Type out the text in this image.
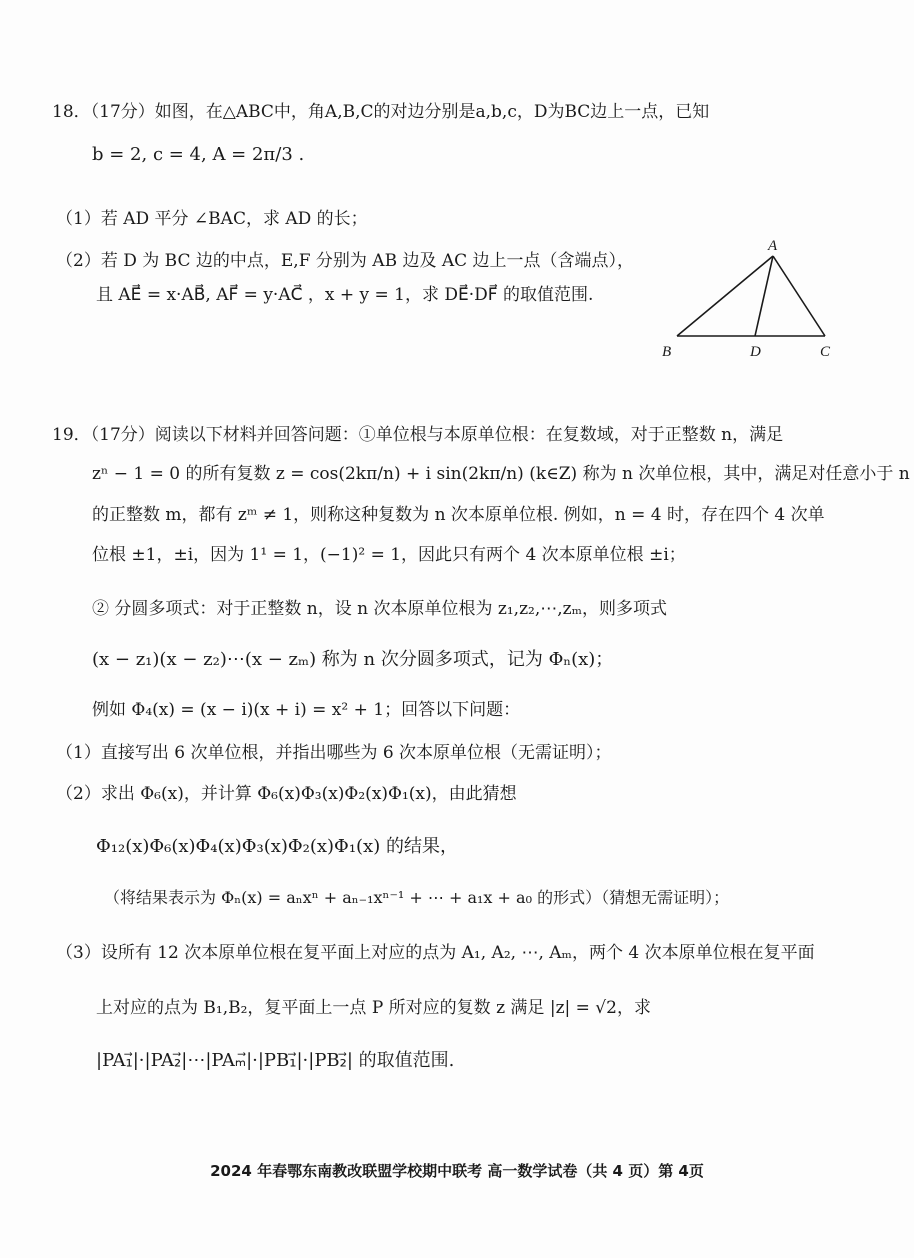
18．（17分）如图，在△ABC中，角A,B,C的对边分别是a,b,c，D为BC边上一点，已知
b = 2, c = 4, A = 2π/3 .
（1）若 AD 平分 ∠BAC，求 AD 的长；
（2）若 D 为 BC 边的中点，E,F 分别为 AB 边及 AC 边上一点（含端点），
且 AE⃗ = x·AB⃗, AF⃗ = y·AC⃗ ，x + y = 1，求 DE⃗·DF⃗ 的取值范围.
A
B	D	C
19．（17分）阅读以下材料并回答问题：①单位根与本原单位根：在复数域，对于正整数 n，满足
zⁿ − 1 = 0 的所有复数 z = cos(2kπ/n) + i sin(2kπ/n) (k∈Z) 称为 n 次单位根，其中，满足对任意小于 n
的正整数 m，都有 zᵐ ≠ 1，则称这种复数为 n 次本原单位根. 例如，n = 4 时，存在四个 4 次单
位根 ±1，±i，因为 1¹ = 1，(−1)² = 1，因此只有两个 4 次本原单位根 ±i；
② 分圆多项式：对于正整数 n，设 n 次本原单位根为 z₁,z₂,⋯,zₘ，则多项式
(x − z₁)(x − z₂)⋯(x − zₘ) 称为 n 次分圆多项式，记为 Φₙ(x)；
例如 Φ₄(x) = (x − i)(x + i) = x² + 1；回答以下问题：
（1）直接写出 6 次单位根，并指出哪些为 6 次本原单位根（无需证明）；
（2）求出 Φ₆(x)，并计算 Φ₆(x)Φ₃(x)Φ₂(x)Φ₁(x)，由此猜想
Φ₁₂(x)Φ₆(x)Φ₄(x)Φ₃(x)Φ₂(x)Φ₁(x) 的结果，
（将结果表示为 Φₙ(x) = aₙxⁿ + aₙ₋₁xⁿ⁻¹ + ⋯ + a₁x + a₀ 的形式）（猜想无需证明）；
（3）设所有 12 次本原单位根在复平面上对应的点为 A₁, A₂, ⋯, Aₘ，两个 4 次本原单位根在复平面
上对应的点为 B₁,B₂，复平面上一点 P 所对应的复数 z 满足 |z| = √2，求
|PA₁⃗|·|PA₂⃗|⋯|PAₘ⃗|·|PB₁⃗|·|PB₂⃗| 的取值范围.
2024 年春鄂东南教改联盟学校期中联考 高一数学试卷（共 4 页）第 4页
